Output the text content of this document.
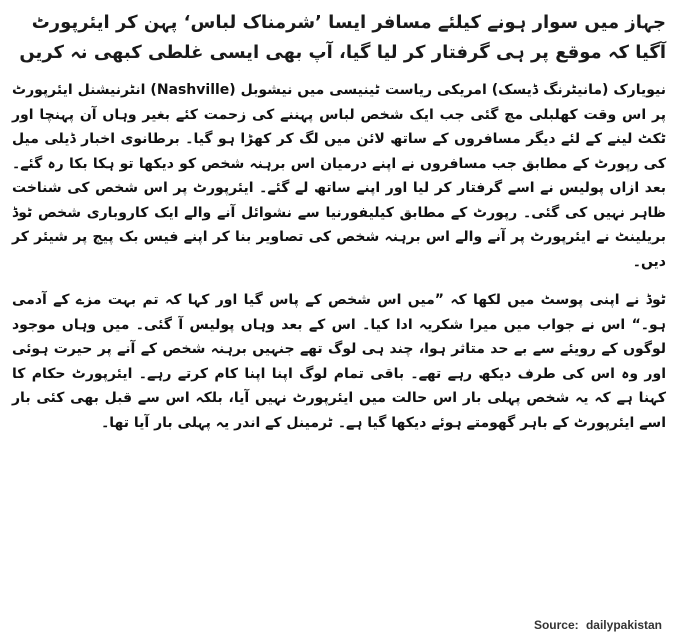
جہاز میں سوار ہونے کیلئے مسافر ایسا ’شرمناک لباس‘ پہن کر ایئرپورٹ آگیا کہ موقع پر ہی گرفتار کر لیا گیا، آپ بھی ایسی غلطی کبھی نہ کریں

نیویارک (مانیٹرنگ ڈیسک) امریکی ریاست ٹینیسی میں نیشوبل (Nashville) انٹرنیشنل ایئرپورٹ پر اس وقت کھلبلی مچ گئی جب ایک شخص لباس پہننے کی زحمت کئے بغیر وہاں آن پہنچا اور ٹکٹ لینے کے لئے دیگر مسافروں کے ساتھ لائن میں لگ کر کھڑا ہو گیا۔ برطانوی اخبار ڈیلی میل کی رپورٹ کے مطابق جب مسافروں نے اپنے درمیان اس برہنہ شخص کو دیکھا تو ہکا بکا رہ گئے۔ بعد ازاں پولیس نے اسے گرفتار کر لیا اور اپنے ساتھ لے گئے۔ ایئرپورٹ پر اس شخص کی شناخت ظاہر نہیں کی گئی۔ رپورٹ کے مطابق کیلیفورنیا سے نشوائل آنے والے ایک کاروباری شخص ٹوڈ بریلینٹ نے ایئرپورٹ پر آنے والے اس برہنہ شخص کی تصاویر بنا کر اپنے فیس بک پیج پر شیئر کر دیں۔

ٹوڈ نے اپنی پوسٹ میں لکھا کہ ”میں اس شخص کے پاس گیا اور کہا کہ تم بہت مزے کے آدمی ہو۔“ اس نے جواب میں میرا شکریہ ادا کیا۔ اس کے بعد وہاں پولیس آ گئی۔ میں وہاں موجود لوگوں کے رویئے سے بے حد متاثر ہوا، چند ہی لوگ تھے جنہیں برہنہ شخص کے آنے پر حیرت ہوئی اور وہ اس کی طرف دیکھ رہے تھے۔ باقی تمام لوگ اپنا اپنا کام کرتے رہے۔ ایئرپورٹ حکام کا کہنا ہے کہ یہ شخص پہلی بار اس حالت میں ایئرپورٹ نہیں آیا، بلکہ اس سے قبل بھی کئی بار اسے ایئرپورٹ کے باہر گھومتے ہوئے دیکھا گیا ہے۔ ٹرمینل کے اندر یہ پہلی بار آیا تھا۔

Source: dailypakistan
